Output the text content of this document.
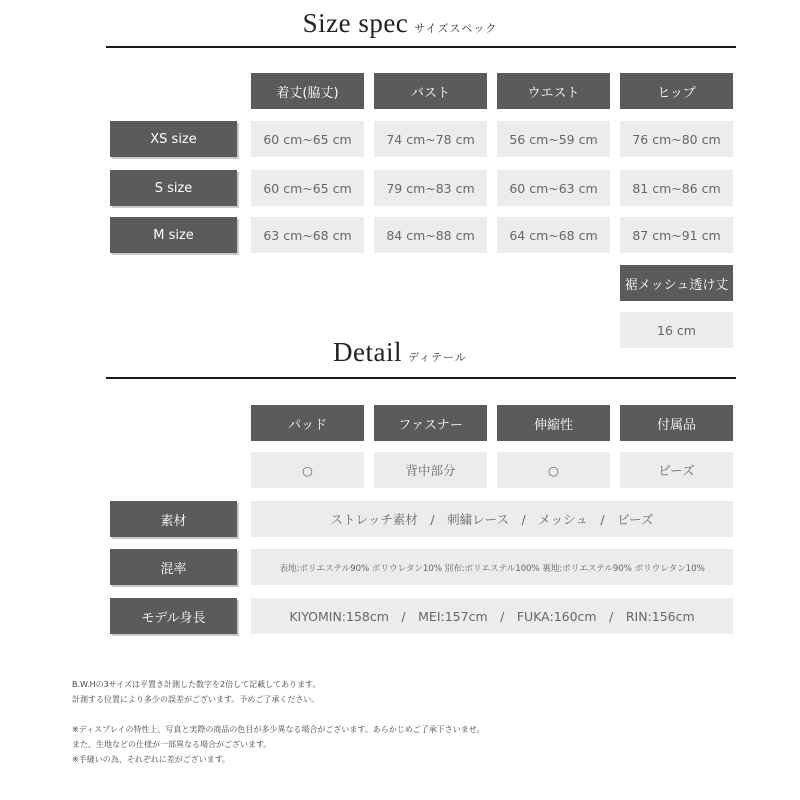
Size spec サイズスペック
着丈(脇丈)	バスト	ウエスト	ヒップ
XS size	60 cm~65 cm	74 cm~78 cm	56 cm~59 cm	76 cm~80 cm
S size	60 cm~65 cm	79 cm~83 cm	60 cm~63 cm	81 cm~86 cm
M size	63 cm~68 cm	84 cm~88 cm	64 cm~68 cm	87 cm~91 cm
裾メッシュ透け丈
16 cm
Detail ディテール
パッド	ファスナー	伸縮性	付属品
○	背中部分	○	ビーズ
素材	ストレッチ素材　/　刺繍レース　/　メッシュ　/　ビーズ
混率	表地:ポリエステル90% ポリウレタン10% 別布:ポリエステル100% 裏地:ポリエステル90% ポリウレタン10%
モデル身長	KIYOMIN:158cm　/　MEI:157cm　/　FUKA:160cm　/　RIN:156cm
B.W.Hの3サイズは平置き計測した数字を2倍して記載してあります。
計測する位置により多少の誤差がございます。予めご了承ください。
※ディスプレイの特性上、写真と実際の商品の色目が多少異なる場合がございます。あらかじめご了承下さいませ。
また、生地などの仕様が一部異なる場合がございます。
※手縫いの為、それぞれに差がございます。
